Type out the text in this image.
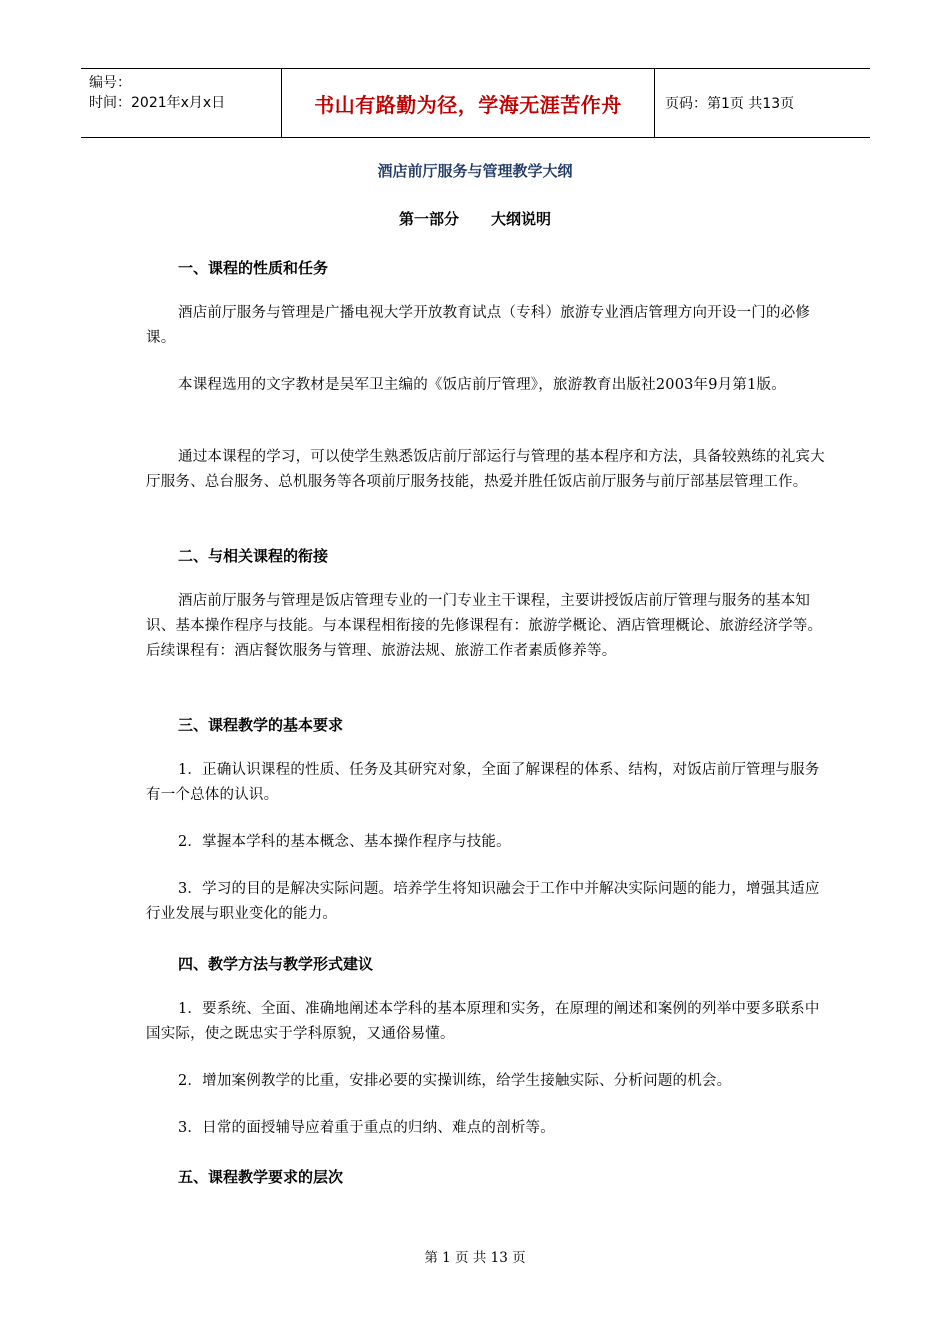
编号：
时间：2021年x月x日	书山有路勤为径，学海无涯苦作舟	页码：第1页 共13页
酒店前厅服务与管理教学大纲
第一部分 大纲说明
一、课程的性质和任务
酒店前厅服务与管理是广播电视大学开放教育试点（专科）旅游专业酒店管理方向开设一门的必修课。
本课程选用的文字教材是吴军卫主编的《饭店前厅管理》，旅游教育出版社2003年9月第1版。
通过本课程的学习，可以使学生熟悉饭店前厅部运行与管理的基本程序和方法，具备较熟练的礼宾大厅服务、总台服务、总机服务等各项前厅服务技能，热爱并胜任饭店前厅服务与前厅部基层管理工作。
二、与相关课程的衔接
酒店前厅服务与管理是饭店管理专业的一门专业主干课程，主要讲授饭店前厅管理与服务的基本知识、基本操作程序与技能。与本课程相衔接的先修课程有：旅游学概论、酒店管理概论、旅游经济学等。后续课程有：酒店餐饮服务与管理、旅游法规、旅游工作者素质修养等。
三、课程教学的基本要求
1．正确认识课程的性质、任务及其研究对象，全面了解课程的体系、结构，对饭店前厅管理与服务有一个总体的认识。
2．掌握本学科的基本概念、基本操作程序与技能。
3．学习的目的是解决实际问题。培养学生将知识融会于工作中并解决实际问题的能力，增强其适应行业发展与职业变化的能力。
四、教学方法与教学形式建议
1．要系统、全面、准确地阐述本学科的基本原理和实务，在原理的阐述和案例的列举中要多联系中国实际，使之既忠实于学科原貌，又通俗易懂。
2．增加案例教学的比重，安排必要的实操训练，给学生接触实际、分析问题的机会。
3．日常的面授辅导应着重于重点的归纳、难点的剖析等。
五、课程教学要求的层次
第 1 页 共 13 页
